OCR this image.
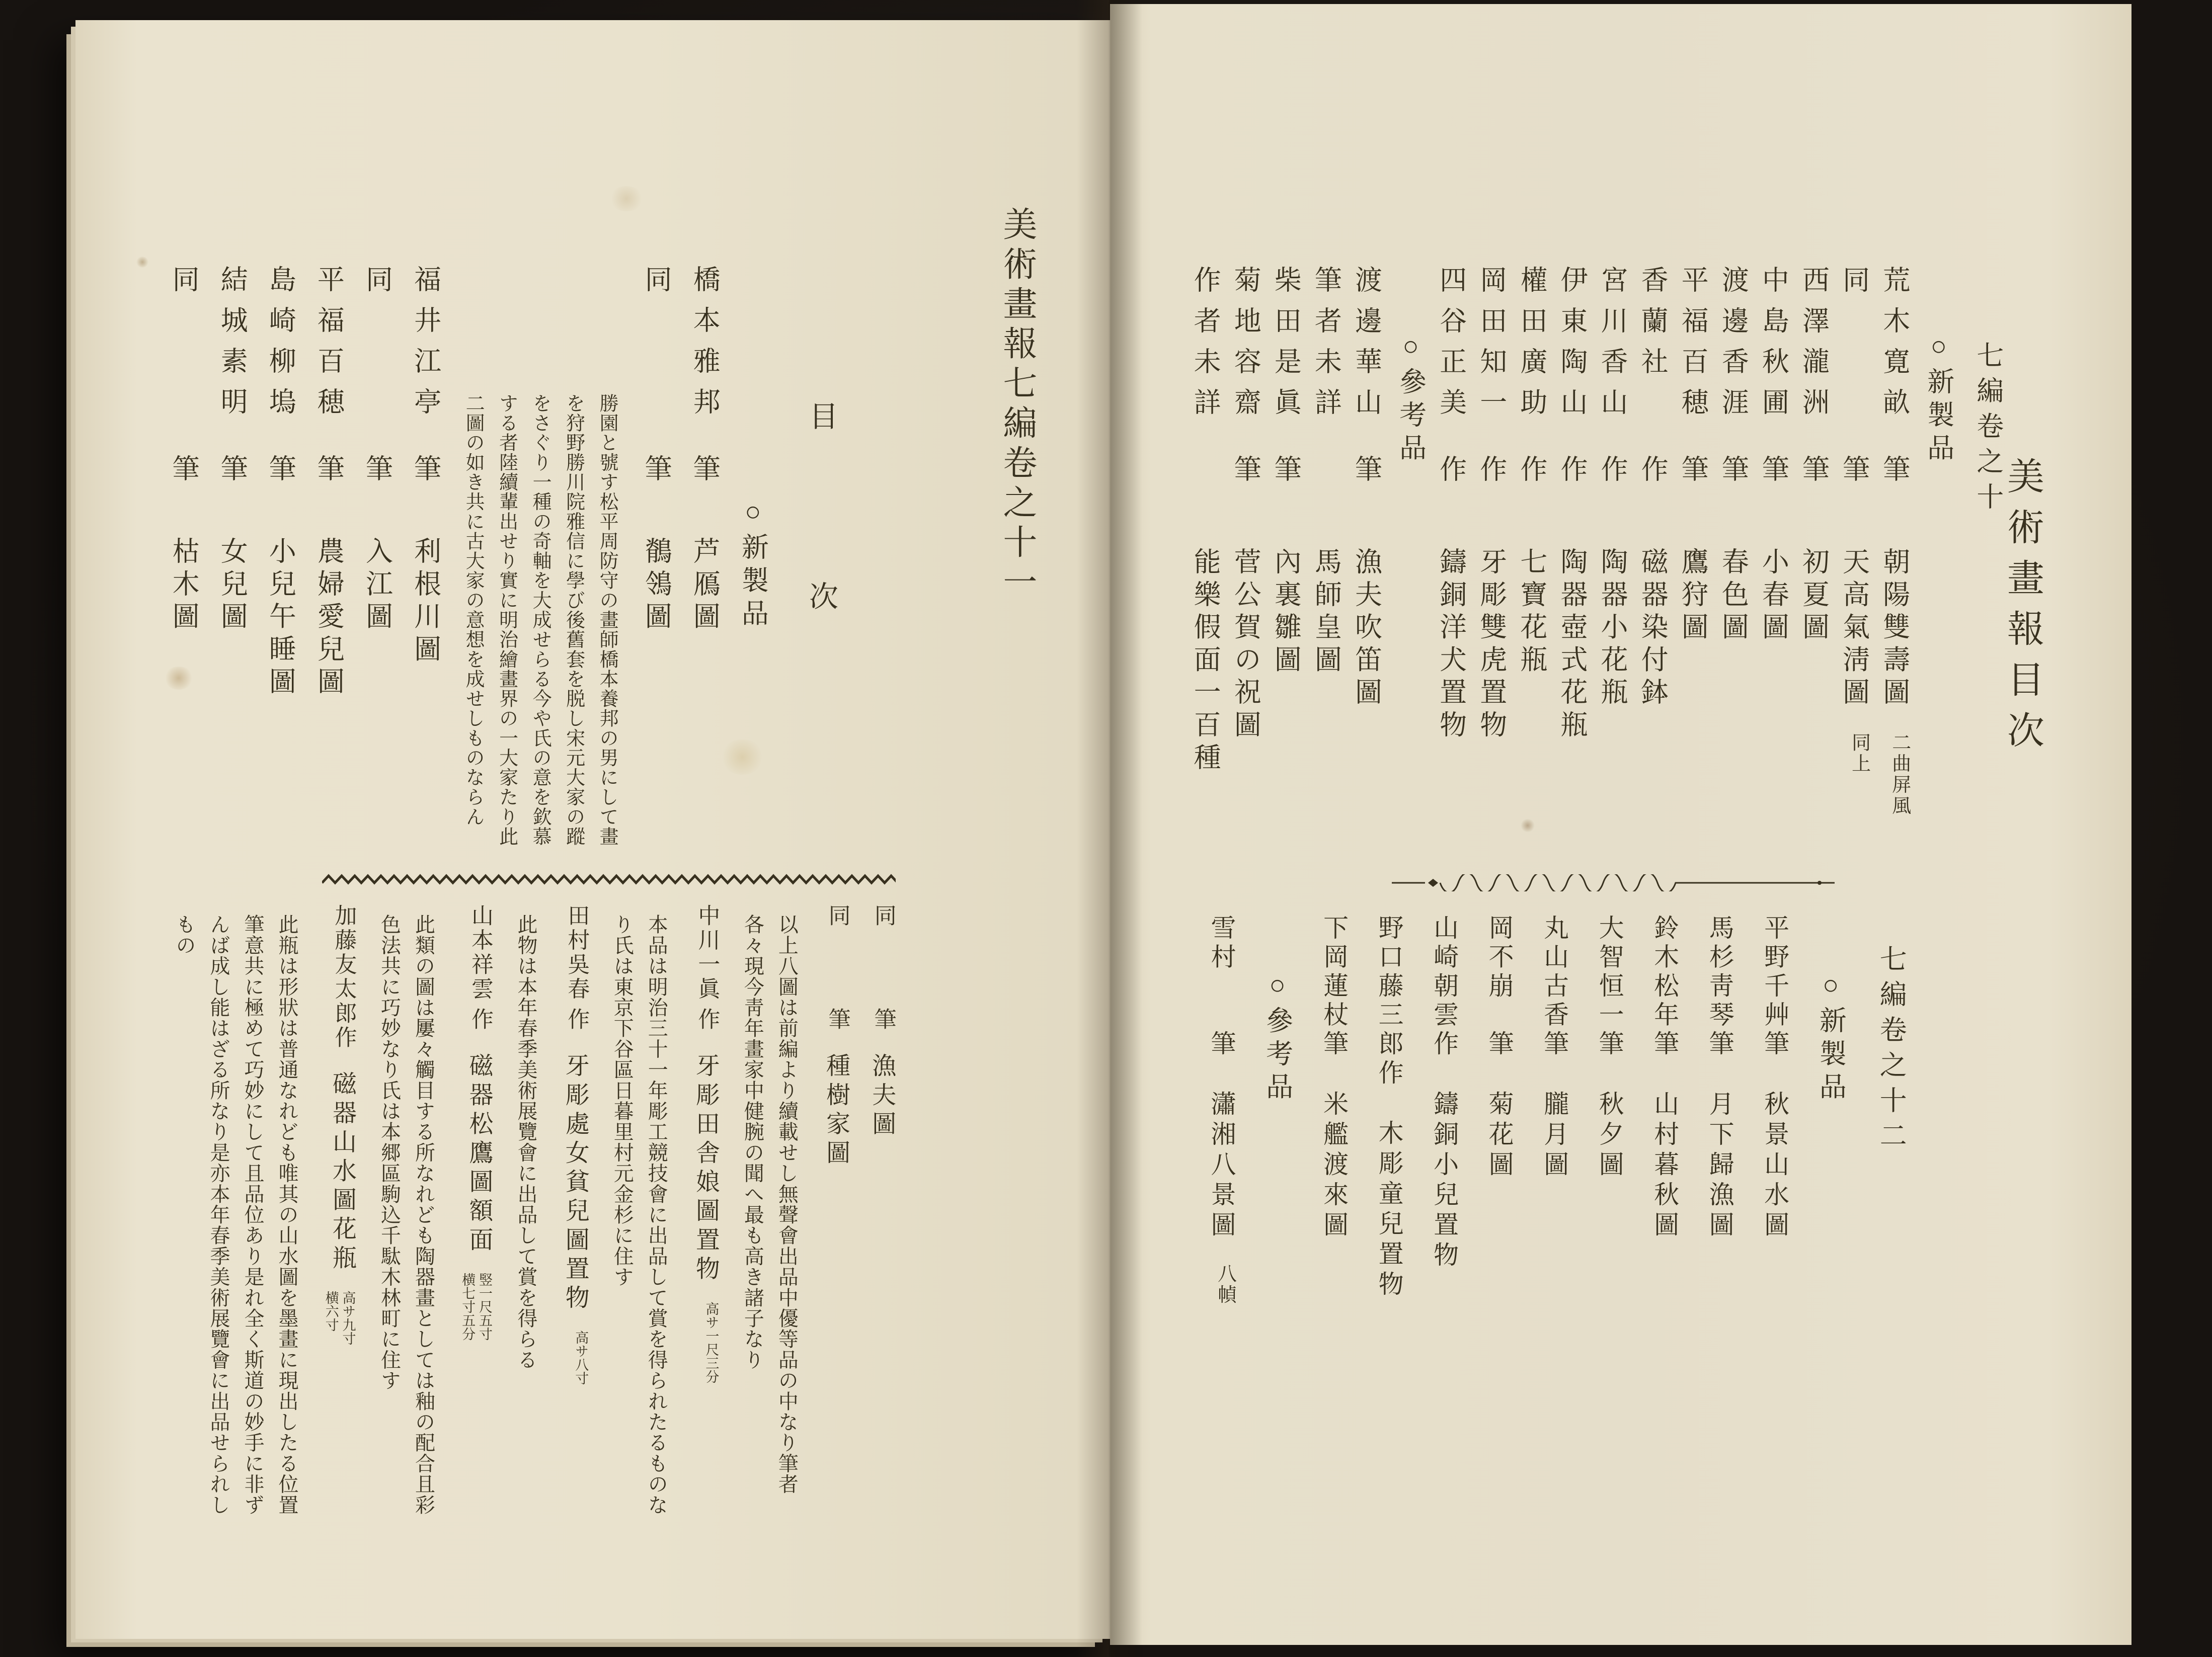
美術畫報七編卷之十一
目次
○新製品
橋本雅邦
筆
芦鴈圖
同
筆
鶺鴒圖
勝園と號す松平周防守の畫師橋本養邦の男にして畫を狩野勝川院雅信に學び後舊套を脱し宋元大家の蹤をさぐり一種の奇軸を大成せらる今や氏の意を欽慕する者陸續輩出せり實に明治繪畫界の一大家たり此二圖の如き共に古大家の意想を成せしものならん
福井江亭
筆
利根川圖
同
筆
入江圖
平福百穂
筆
農婦愛兒圖
島崎柳塢
筆
小兒午睡圖
結城素明
筆
女兒圖
同
筆
枯木圖
同
筆
漁夫圖
同
筆
種樹家圖
以上八圖は前編より續載せし無聲會出品中優等品の中なり筆者各々現今靑年畫家中健腕の聞へ最も高き諸子なり
中川一眞
作
牙彫田舎娘圖置物
高サ一尺三分
本品は明治三十一年彫工競技會に出品して賞を得られたるものなり氏は東京下谷區日暮里村元金杉に住す
田村吳春
作
牙彫處女貧兒圖置物
高サ八寸
此物は本年春季美術展覽會に出品して賞を得らる
山本祥雲
作
磁器松鷹圖額面
竪一尺五寸
横七寸五分
此類の圖は屢々觸目する所なれども陶器畫としては釉の配合且彩色法共に巧妙なり氏は本郷區駒込千駄木林町に住す
加藤友太郎
作
磁器山水圖花瓶
高サ九寸
横六寸
此瓶は形狀は普通なれども唯其の山水圖を墨畫に現出したる位置筆意共に極めて巧妙にして且品位あり是れ全く斯道の妙手に非ずんば成し能はざる所なり是亦本年春季美術展覽會に出品せられしもの
美術畫報目次
七編卷之十
○新製品
荒木寛畝
筆
朝陽雙壽圖
二曲屏風
同
筆
天高氣淸圖
同上
西澤瀧洲
筆
初夏圖
中島秋圃
筆
小春圖
渡邊香涯
筆
春色圖
平福百穂
筆
鷹狩圖
香蘭社
作
磁器染付鉢
宮川香山
作
陶器小花瓶
伊東陶山
作
陶器壺式花瓶
權田廣助
作
七寶花瓶
岡田知一
作
牙彫雙虎置物
四谷正美
作
鑄銅洋犬置物
○參考品
渡邊華山
筆
漁夫吹笛圖
筆者未詳
馬師皇圖
柴田是眞
筆
內裏雛圖
菊地容齋
筆
菅公賀の祝圖
作者未詳
能樂假面一百種
七編卷之十二
○新製品
平野千艸
筆
秋景山水圖
馬杉靑琴
筆
月下歸漁圖
鈴木松年
筆
山村暮秋圖
大智恒一
筆
秋夕圖
丸山古香
筆
朧月圖
岡不崩
筆
菊花圖
山崎朝雲
作
鑄銅小兒置物
野口藤三郎
作
木彫童兒置物
下岡蓮杖
筆
米艦渡來圖
○參考品
雪村
筆
瀟湘八景圖
八幀
